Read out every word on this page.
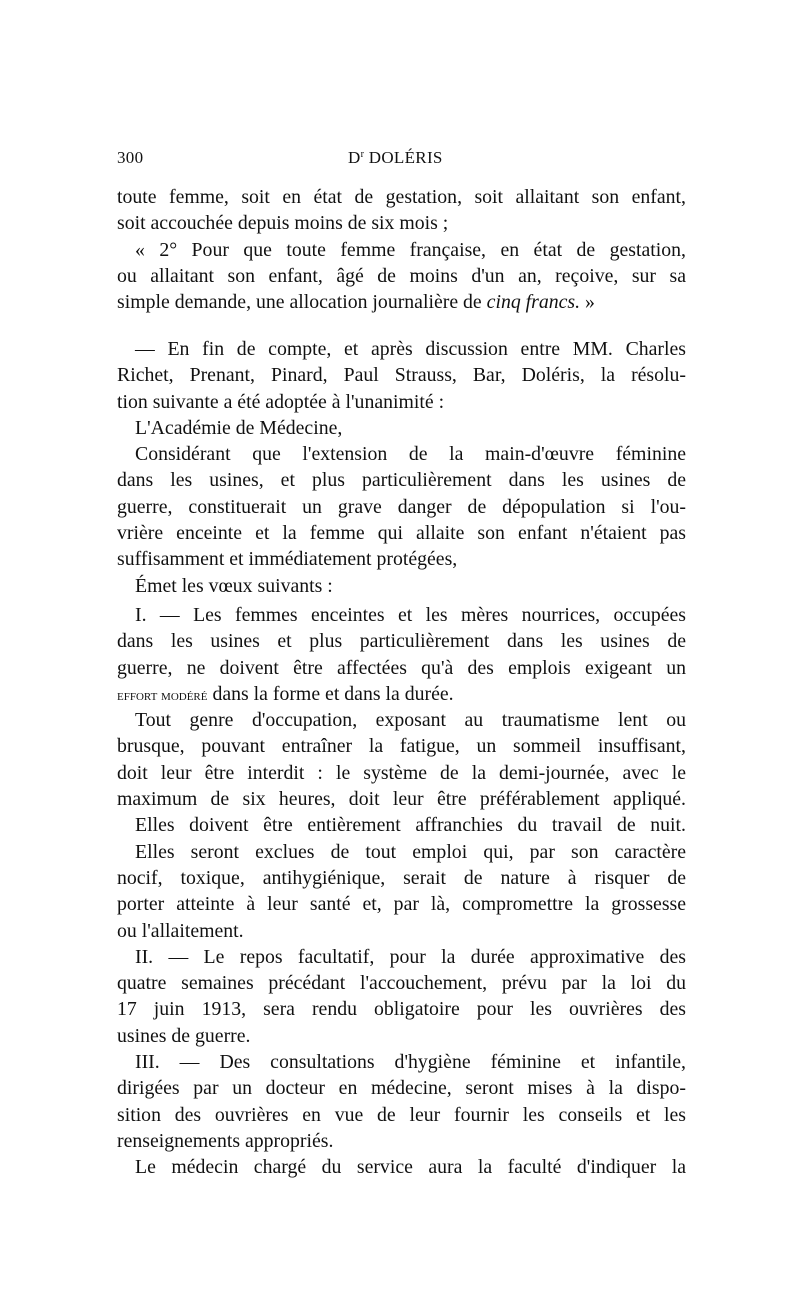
300	$D^r$ DOLÉRIS
toute femme, soit en état de gestation, soit allaitant son enfant,
soit accouchée depuis moins de six mois ;
« 2° Pour que toute femme française, en état de gestation,
ou allaitant son enfant, âgé de moins d'un an, reçoive, sur sa
simple demande, une allocation journalière de cinq francs. »
— En fin de compte, et après discussion entre MM. Charles
Richet, Prenant, Pinard, Paul Strauss, Bar, Doléris, la résolu-
tion suivante a été adoptée à l'unanimité :
L'Académie de Médecine,
Considérant que l'extension de la main-d'œuvre féminine
dans les usines, et plus particulièrement dans les usines de
guerre, constituerait un grave danger de dépopulation si l'ou-
vrière enceinte et la femme qui allaite son enfant n'étaient pas
suffisamment et immédiatement protégées,
Émet les vœux suivants :
I. — Les femmes enceintes et les mères nourrices, occupées
dans les usines et plus particulièrement dans les usines de
guerre, ne doivent être affectées qu'à des emplois exigeant un
effort modéré dans la forme et dans la durée.
Tout genre d'occupation, exposant au traumatisme lent ou
brusque, pouvant entraîner la fatigue, un sommeil insuffisant,
doit leur être interdit : le système de la demi-journée, avec le
maximum de six heures, doit leur être préférablement appliqué.
Elles doivent être entièrement affranchies du travail de nuit.
Elles seront exclues de tout emploi qui, par son caractère
nocif, toxique, antihygiénique, serait de nature à risquer de
porter atteinte à leur santé et, par là, compromettre la grossesse
ou l'allaitement.
II. — Le repos facultatif, pour la durée approximative des
quatre semaines précédant l'accouchement, prévu par la loi du
17 juin 1913, sera rendu obligatoire pour les ouvrières des
usines de guerre.
III. — Des consultations d'hygiène féminine et infantile,
dirigées par un docteur en médecine, seront mises à la dispo-
sition des ouvrières en vue de leur fournir les conseils et les
renseignements appropriés.
Le médecin chargé du service aura la faculté d'indiquer la
